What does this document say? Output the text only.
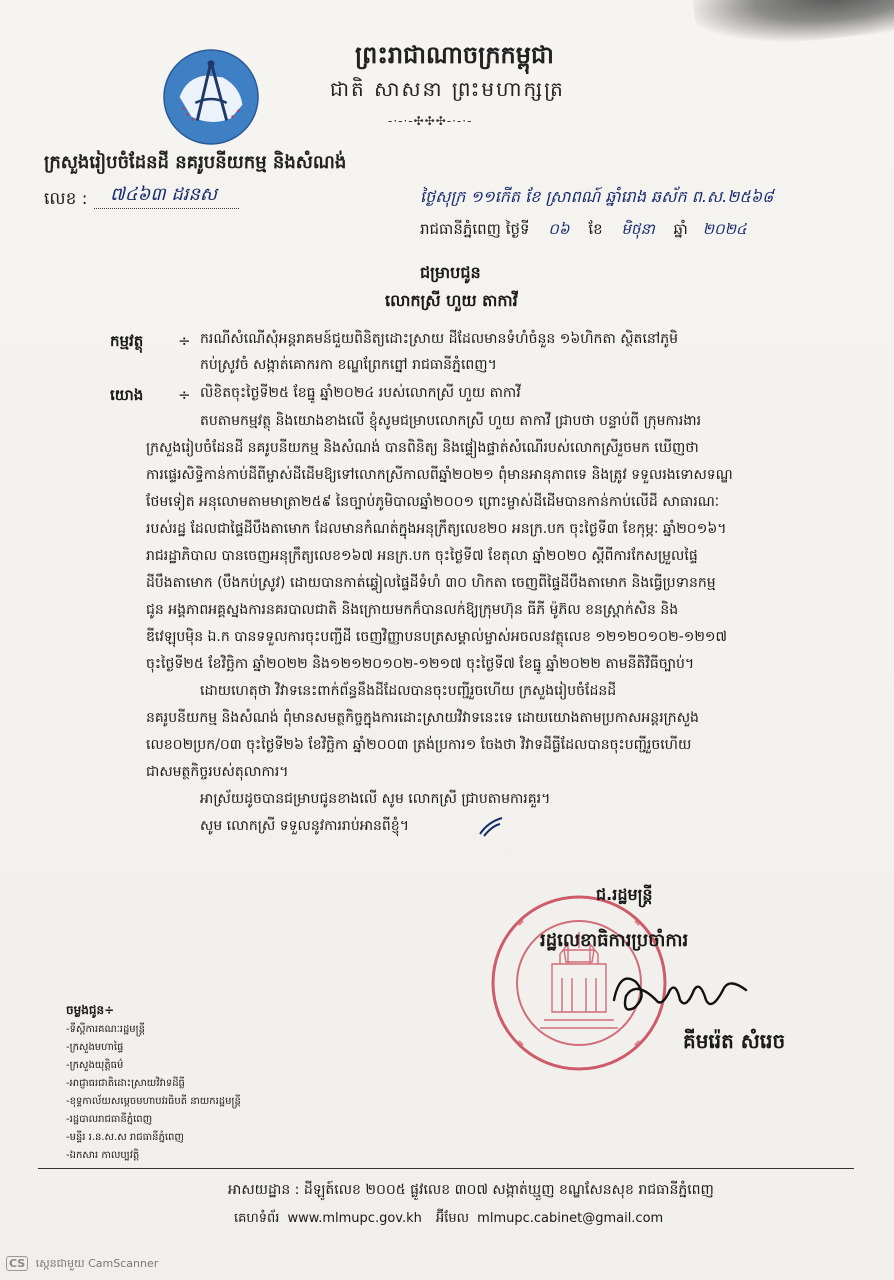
ព្រះរាជាណាចក្រកម្ពុជា
ជាតិ សាសនា ព្រះមហាក្សត្រ
-·-·-✣✣✣-·-·-
ក្រសួងរៀបចំដែនដី នគរូបនីយកម្ម និងសំណង់
លេខ : ៧៤៦៣ ដរនស	ថ្ងៃសុក្រ ១១កើត ខែ ស្រាពណ៍ ឆ្នាំរោង ឆស័ក ព.ស.២៥៦៨
រាជធានីភ្នំពេញ ថ្ងៃទី ០៦ ខែ មិថុនា ឆ្នាំ ២០២៤
ជម្រាបជូន
លោកស្រី ហួយ តាកាវី
កម្មវត្ថុ ÷ ករណីសំណើសុំអន្តរាគមន៍ជួយពិនិត្យដោះស្រាយ ដីដែលមានទំហំចំនួន ១៦ហិកតា ស្ថិតនៅភូមិ
កប់ស្រូវចំ សង្កាត់គោករកា ខណ្ឌព្រែកព្នៅ រាជធានីភ្នំពេញ។
យោង ÷ លិខិតចុះថ្ងៃទី២៥ ខែធ្នូ ឆ្នាំ២០២៤ របស់លោកស្រី ហួយ តាកាវី
តបតាមកម្មវត្ថុ និងយោងខាងលើ ខ្ញុំសូមជម្រាបលោកស្រី ហួយ តាកាវី ជ្រាបថា បន្ទាប់ពី ក្រុមការងារ
ក្រសួងរៀបចំដែនដី នគរូបនីយកម្ម និងសំណង់ បានពិនិត្យ និងផ្ទៀងផ្ទាត់សំណើរបស់លោកស្រីរួចមក ឃើញថា
ការផ្ទេរសិទ្ធិកាន់កាប់ដីពីម្ចាស់ដីដើមឱ្យទៅលោកស្រីកាលពីឆ្នាំ២០២១ ពុំមានអានុភាពទេ និងត្រូវ ទទួលរងទោសទណ្ឌ
ថែមទៀត អនុលោមតាមមាត្រា២៥៩ នៃច្បាប់ភូមិបាលឆ្នាំ២០០១ ព្រោះម្ចាស់ដីដើមបានកាន់កាប់លើដី សាធារណៈ
របស់រដ្ឋ ដែលជាផ្ទៃដីបឹងតាមោក ដែលមានកំណត់ក្នុងអនុក្រឹត្យលេខ២០ អនក្រ.បក ចុះថ្ងៃទី៣ ខែកុម្ភៈ ឆ្នាំ២០១៦។
រាជរដ្ឋាភិបាល បានចេញអនុក្រឹត្យលេខ១៦៧ អនក្រ.បក ចុះថ្ងៃទី៧ ខែតុលា ឆ្នាំ២០២០ ស្តីពីការកែសម្រួលផ្ទៃ
ដីបឹងតាមោក (បឹងកប់ស្រូវ) ដោយបានកាត់ឆ្វៀលផ្ទៃដីទំហំ ៣០ ហិកតា ចេញពីផ្ទៃដីបឹងតាមោក និងធ្វើប្រទានកម្ម
ជូន អង្គភាពអគ្គស្នងការនគរបាលជាតិ និងក្រោយមកក៏បានលក់ឱ្យក្រុមហ៊ុន ធីភី ម៉ូភ៊ល ខនស្រ្តាក់សិន និង
ឌីវេឡុបម៉ិន ឯ.ក បានទទួលការចុះបញ្ជីដី ចេញវិញ្ញាបនបត្រសម្គាល់ម្ចាស់អចលនវត្ថុលេខ ១២១២០១០២-១២១៧
ចុះថ្ងៃទី២៥ ខែវិច្ឆិកា ឆ្នាំ២០២២ និង១២១២០១០២-១២១៧ ចុះថ្ងៃទី៧ ខែធ្នូ ឆ្នាំ២០២២ តាមនីតិវិធីច្បាប់។
ដោយហេតុថា វិវាទនេះពាក់ព័ន្ធនឹងដីដែលបានចុះបញ្ជីរួចហើយ ក្រសួងរៀបចំដែនដី
នគរូបនីយកម្ម និងសំណង់ ពុំមានសមត្ថកិច្ចក្នុងការដោះស្រាយវិវាទនេះទេ ដោយយោងតាមប្រកាសអន្តរក្រសួង
លេខ០២ប្រក/០៣ ចុះថ្ងៃទី២៦ ខែវិច្ឆិកា ឆ្នាំ២០០៣ ត្រង់ប្រការ១ ចែងថា វិវាទដីធ្លីដែលបានចុះបញ្ជីរួចហើយ
ជាសមត្ថកិច្ចរបស់តុលាការ។
អាស្រ័យដូចបានជម្រាបជូនខាងលើ សូម លោកស្រី ជ្រាបតាមការគួរ។
សូម លោកស្រី ទទួលនូវការរាប់អានពីខ្ញុំ។
ជ.រដ្ឋមន្ត្រី
រដ្ឋលេខាធិការប្រចាំការ
គីមរ៉េត សំរេច
ចម្លងជូន÷
-ទីស្តីការគណៈរដ្ឋមន្ត្រី
-ក្រសួងមហាផ្ទៃ
-ក្រសួងយុត្តិធម៌
-អាជ្ញាធរជាតិដោះស្រាយវិវាទដីធ្លី
-ខុទ្ទកាល័យសម្ដេចមហាបវរធិបតី នាយករដ្ឋមន្ត្រី
-រដ្ឋបាលរាជធានីភ្នំពេញ
-មន្ទីរ រ.ន.ស.ស រាជធានីភ្នំពេញ
-ឯកសារ កាលប្បវត្តិ
អាសយដ្ឋាន : ដីឡូត៍លេខ ២០០៥ ផ្លូវលេខ ៣០៧ សង្កាត់ឃ្មួញ ខណ្ឌសែនសុខ រាជធានីភ្នំពេញ
គេហទំព័រ www.mlmupc.gov.kh អ៊ីមែល mlmupc.cabinet@gmail.com
CS ស្កេនជាមួយ CamScanner
